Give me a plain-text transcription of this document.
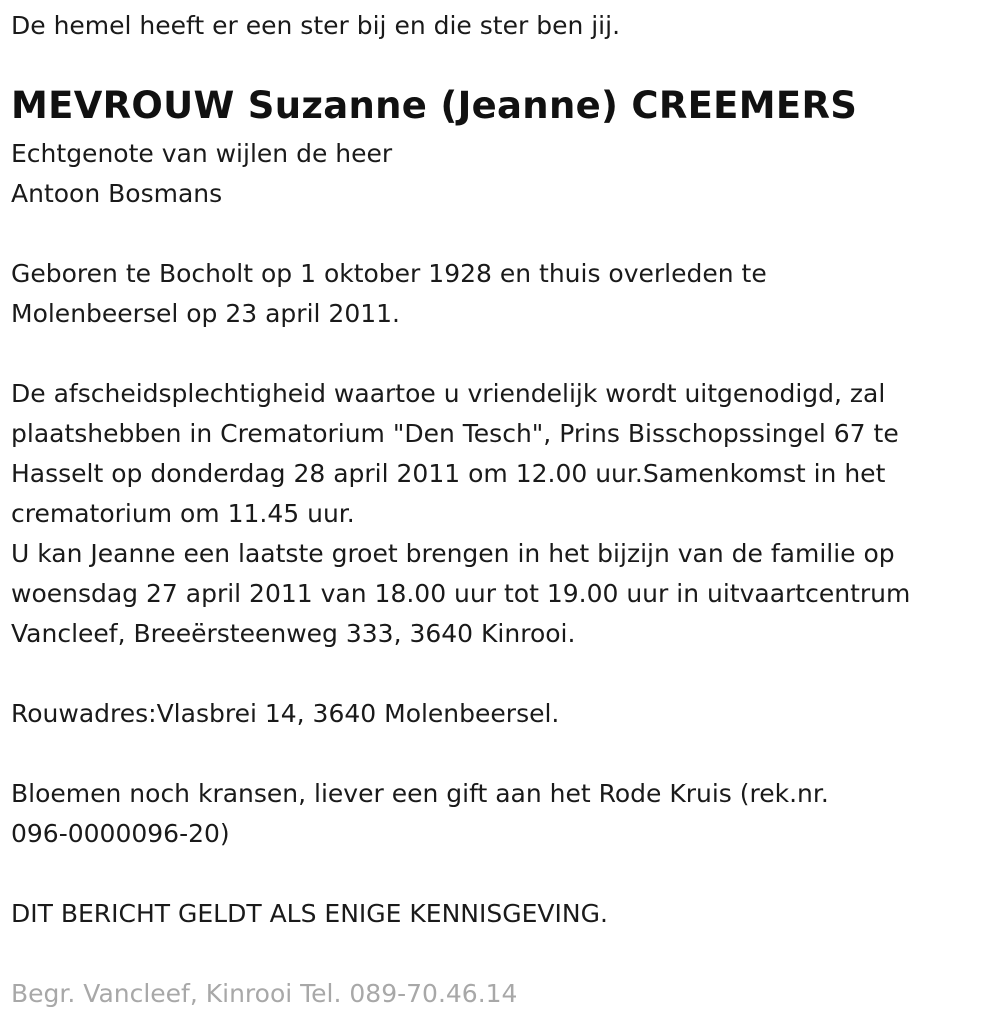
De hemel heeft er een ster bij en die ster ben jij.

MEVROUW Suzanne (Jeanne) CREEMERS

Echtgenote van wijlen de heer

Antoon Bosmans

Geboren te Bocholt op 1 oktober 1928 en thuis overleden te

Molenbeersel op 23 april 2011.

De afscheidsplechtigheid waartoe u vriendelijk wordt uitgenodigd, zal

plaatshebben in Crematorium "Den Tesch", Prins Bisschopssingel 67 te

Hasselt op donderdag 28 april 2011 om 12.00 uur.Samenkomst in het

crematorium om 11.45 uur.

U kan Jeanne een laatste groet brengen in het bijzijn van de familie op

woensdag 27 april 2011 van 18.00 uur tot 19.00 uur in uitvaartcentrum

Vancleef, Breeërsteenweg 333, 3640 Kinrooi.

Rouwadres:Vlasbrei 14, 3640 Molenbeersel.

Bloemen noch kransen, liever een gift aan het Rode Kruis (rek.nr.

096-0000096-20)

DIT BERICHT GELDT ALS ENIGE KENNISGEVING.

Begr. Vancleef, Kinrooi Tel. 089-70.46.14
